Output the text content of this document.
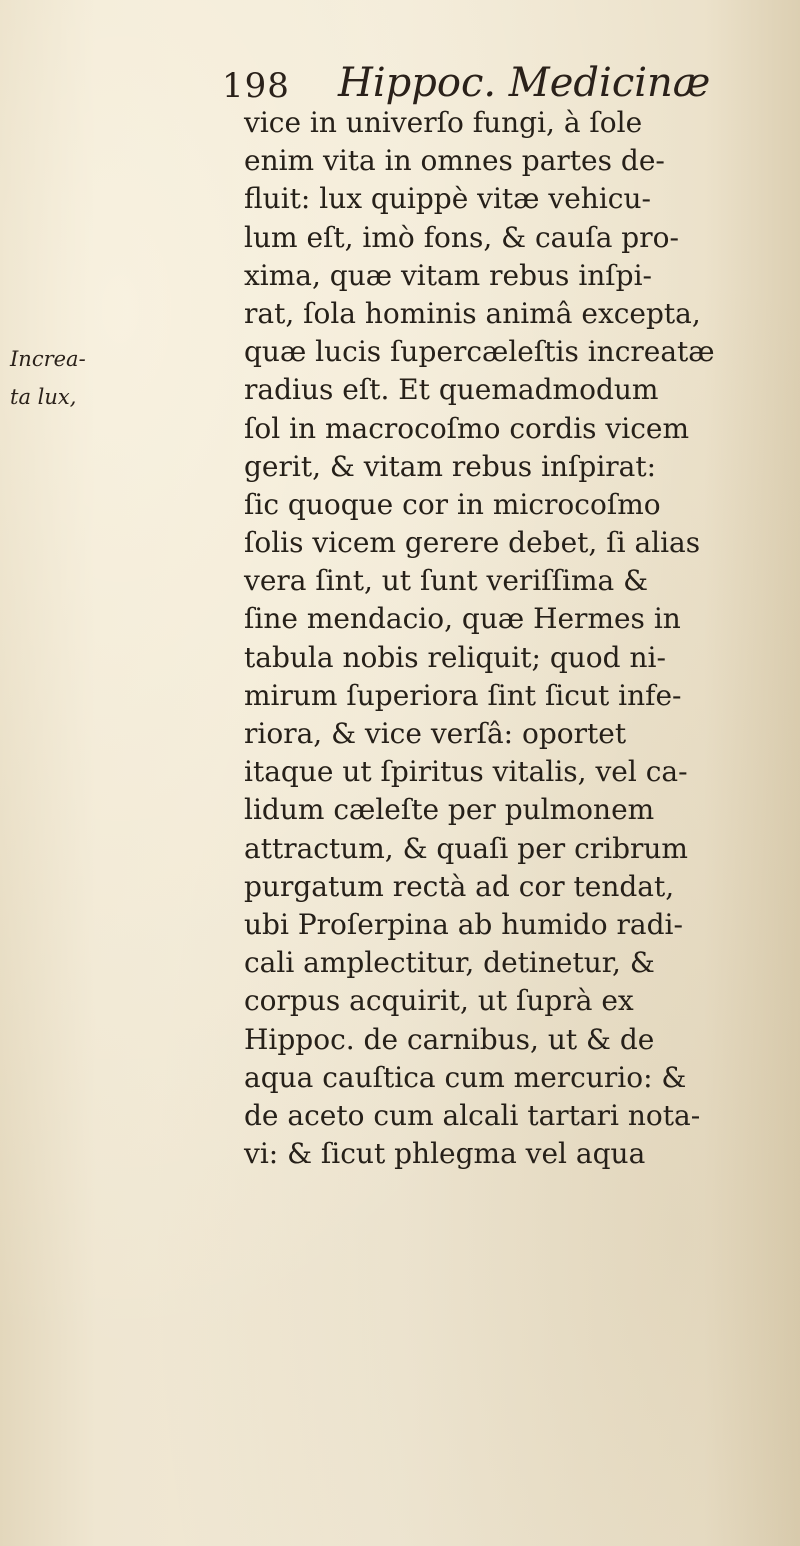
198 Hippoc. Medicinæ
Increa-
ta lux,
vice in univerſo fungi, à ſole
enim vita in omnes partes de-
fluit: lux quippè vitæ vehicu-
lum eſt, imò fons, & cauſa pro-
xima, quæ vitam rebus inſpi-
rat, ſola hominis animâ excepta,
quæ lucis ſupercæleſtis increatæ
radius eſt. Et quemadmodum
ſol in macrocoſmo cordis vicem
gerit, & vitam rebus inſpirat:
ſic quoque cor in microcoſmo
ſolis vicem gerere debet, ſi alias
vera ſint, ut ſunt veriſſima &
ſine mendacio, quæ Hermes in
tabula nobis reliquit; quod ni-
mirum ſuperiora ſint ſicut infe-
riora, & vice verſâ: oportet
itaque ut ſpiritus vitalis, vel ca-
lidum cæleſte per pulmonem
attractum, & quaſi per cribrum
purgatum rectà ad cor tendat,
ubi Proſerpina ab humido radi-
cali amplectitur, detinetur, &
corpus acquirit, ut ſuprà ex
Hippoc. de carnibus, ut & de
aqua cauſtica cum mercurio: &
de aceto cum alcali tartari nota-
vi: & ſicut phlegma vel aqua
